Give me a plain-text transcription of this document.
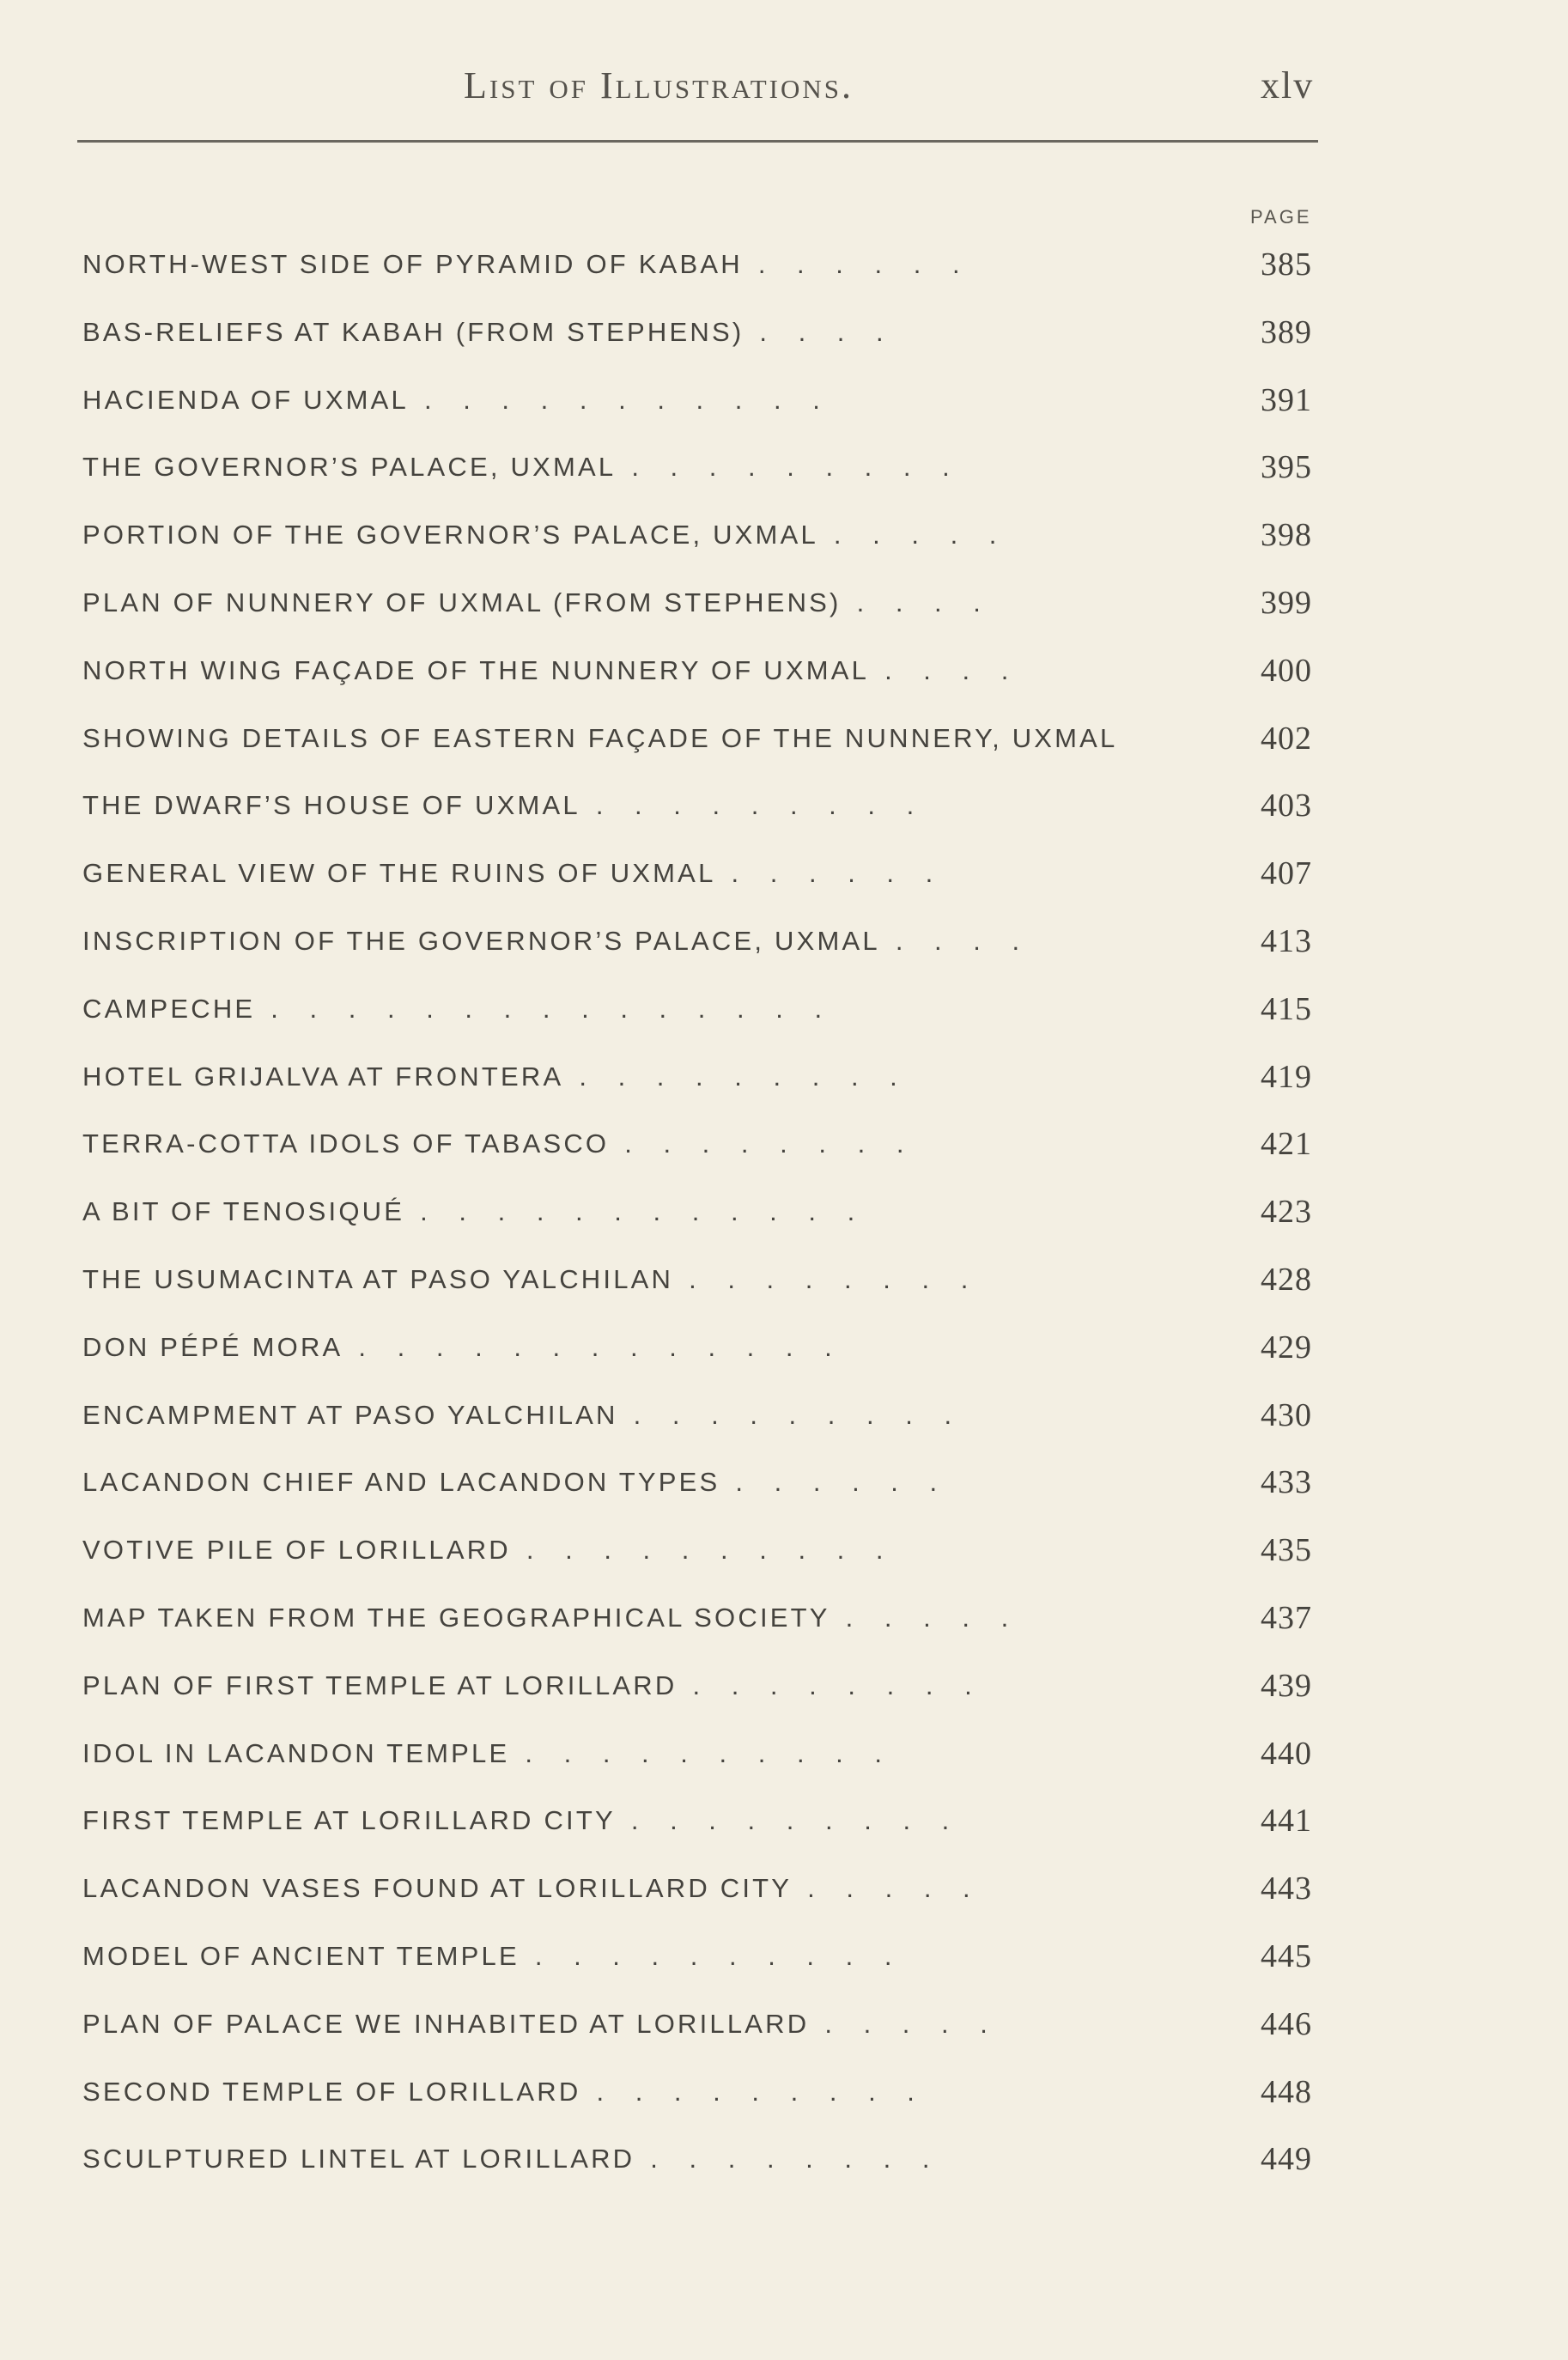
List of Illustrations.	xlv
PAGE
NORTH-WEST SIDE OF PYRAMID OF KABAH . . . . . .	385
BAS-RELIEFS AT KABAH (FROM STEPHENS) . . . .	389
HACIENDA OF UXMAL . . . . . . . . . . .	391
THE GOVERNOR’S PALACE, UXMAL . . . . . . . . .	395
PORTION OF THE GOVERNOR’S PALACE, UXMAL . . . . .	398
PLAN OF NUNNERY OF UXMAL (FROM STEPHENS) . . . .	399
NORTH WING FAÇADE OF THE NUNNERY OF UXMAL . . . .	400
SHOWING DETAILS OF EASTERN FAÇADE OF THE NUNNERY, UXMAL	402
THE DWARF’S HOUSE OF UXMAL . . . . . . . . .	403
GENERAL VIEW OF THE RUINS OF UXMAL . . . . . .	407
INSCRIPTION OF THE GOVERNOR’S PALACE, UXMAL . . . .	413
CAMPECHE . . . . . . . . . . . . . . .	415
HOTEL GRIJALVA AT FRONTERA . . . . . . . . .	419
TERRA-COTTA IDOLS OF TABASCO . . . . . . . .	421
A BIT OF TENOSIQUÉ . . . . . . . . . . . .	423
THE USUMACINTA AT PASO YALCHILAN . . . . . . . .	428
DON PÉPÉ MORA . . . . . . . . . . . . .	429
ENCAMPMENT AT PASO YALCHILAN . . . . . . . . .	430
LACANDON CHIEF AND LACANDON TYPES . . . . . .	433
VOTIVE PILE OF LORILLARD . . . . . . . . . .	435
MAP TAKEN FROM THE GEOGRAPHICAL SOCIETY . . . . .	437
PLAN OF FIRST TEMPLE AT LORILLARD . . . . . . . .	439
IDOL IN LACANDON TEMPLE . . . . . . . . . .	440
FIRST TEMPLE AT LORILLARD CITY . . . . . . . . .	441
LACANDON VASES FOUND AT LORILLARD CITY . . . . .	443
MODEL OF ANCIENT TEMPLE . . . . . . . . . .	445
PLAN OF PALACE WE INHABITED AT LORILLARD . . . . .	446
SECOND TEMPLE OF LORILLARD . . . . . . . . .	448
SCULPTURED LINTEL AT LORILLARD . . . . . . . .	449
